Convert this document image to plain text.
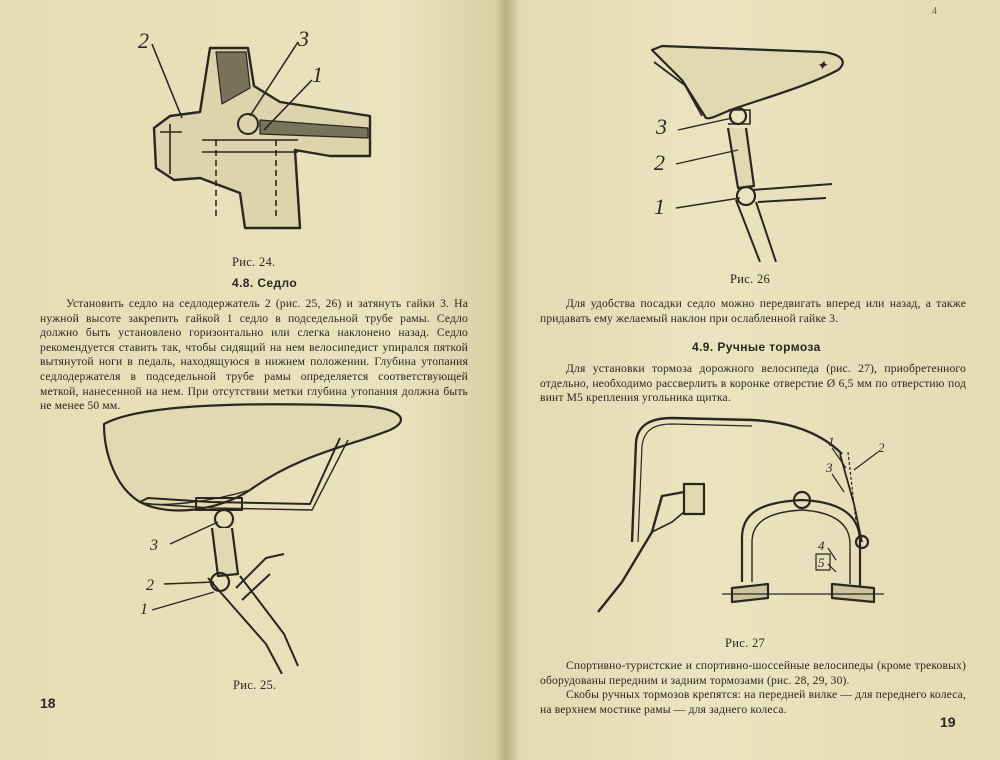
2	3
1
Рис. 24.
4.8. Седло

Установить седло на седлодержатель 2 (рис. 25, 26) и затянуть гайки 3. На нужной высоте закрепить гайкой 1 седло в подседельной трубе рамы. Седло должно быть установлено горизонтально или слегка наклонено назад. Седло рекомендуется ставить так, чтобы сидящий на нем велосипедист упирался пяткой вытянутой ноги в педаль, находящуюся в нижнем положении. Глубина утопания седлодержателя в подседельной трубе рамы определяется соответствующей меткой, нанесенной на нем. При отсутствии метки глубина утопания должна быть не менее 50 мм.

3
2
1
Рис. 25.
18
4
✦
3
2
1
Рис. 26

Для удобства посадки седло можно передвигать вперед или назад, а также придавать ему желаемый наклон при ослабленной гайке 3.

4.9. Ручные тормоза

Для установки тормоза дорожного велосипеда (рис. 27), приобретенного отдельно, необходимо рассверлить в коронке отверстие Ø 6,5 мм по отверстию под винт М5 крепления угольника щитка.

1	2
3
4
5
Рис. 27

Спортивно-туристские и спортивно-шоссейные велосипеды (кроме трековых) оборудованы передним и задним тормозами (рис. 28, 29, 30).

Скобы ручных тормозов крепятся: на передней вилке — для переднего колеса, на верхнем мостике рамы — для заднего колеса.

19
